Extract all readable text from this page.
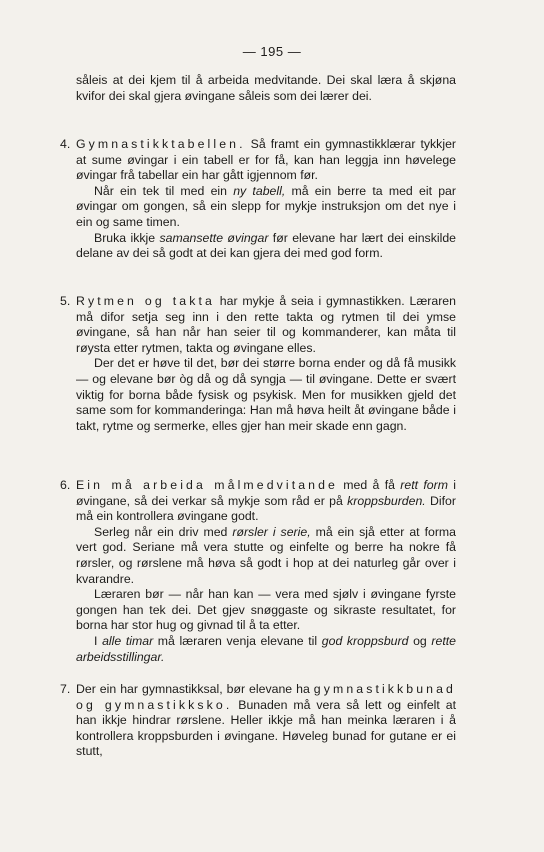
— 195 —

såleis at dei kjem til å arbeida medvitande. Dei skal læra å skjøna kvifor dei skal gjera øvingane såleis som dei lærer dei.

4. Gymnastikktabellen. Så framt ein gymnastikklærar tykkjer at sume øvingar i ein tabell er for få, kan han leggja inn høvelege øvingar frå tabellar ein har gått igjennom før.

Når ein tek til med ein ny tabell, må ein berre ta med eit par øvingar om gongen, så ein slepp for mykje instruksjon om det nye i ein og same timen.

Bruka ikkje samansette øvingar før elevane har lært dei einskilde delane av dei så godt at dei kan gjera dei med god form.

5. Rytmen og takta har mykje å seia i gymnastikken. Læraren må difor setja seg inn i den rette takta og rytmen til dei ymse øvingane, så han når han seier til og kommanderer, kan måta til røysta etter rytmen, takta og øvingane elles.

Der det er høve til det, bør dei større borna ender og då få musikk — og elevane bør òg då og då syngja — til øvingane. Dette er svært viktig for borna både fysisk og psykisk. Men for musikken gjeld det same som for kommanderinga: Han må høva heilt åt øvingane både i takt, rytme og sermerke, elles gjer han meir skade enn gagn.

6. Ein må arbeida målmedvitande med å få rett form i øvingane, så dei verkar så mykje som råd er på kroppsburden. Difor må ein kontrollera øvingane godt.

Serleg når ein driv med rørsler i serie, må ein sjå etter at forma vert god. Seriane må vera stutte og einfelte og berre ha nokre få rørsler, og rørslene må høva så godt i hop at dei naturleg går over i kvarandre.

Læraren bør — når han kan — vera med sjølv i øvingane fyrste gongen han tek dei. Det gjev snøggaste og sikraste resultatet, for borna har stor hug og givnad til å ta etter.

I alle timar må læraren venja elevane til god kroppsburd og rette arbeidsstillingar.

7. Der ein har gymnastikksal, bør elevane ha gymnastikkbunad og gymnastikksko. Bunaden må vera så lett og einfelt at han ikkje hindrar rørslene. Heller ikkje må han meinka læraren i å kontrollera kroppsburden i øvingane. Høveleg bunad for gutane er ei stutt,
